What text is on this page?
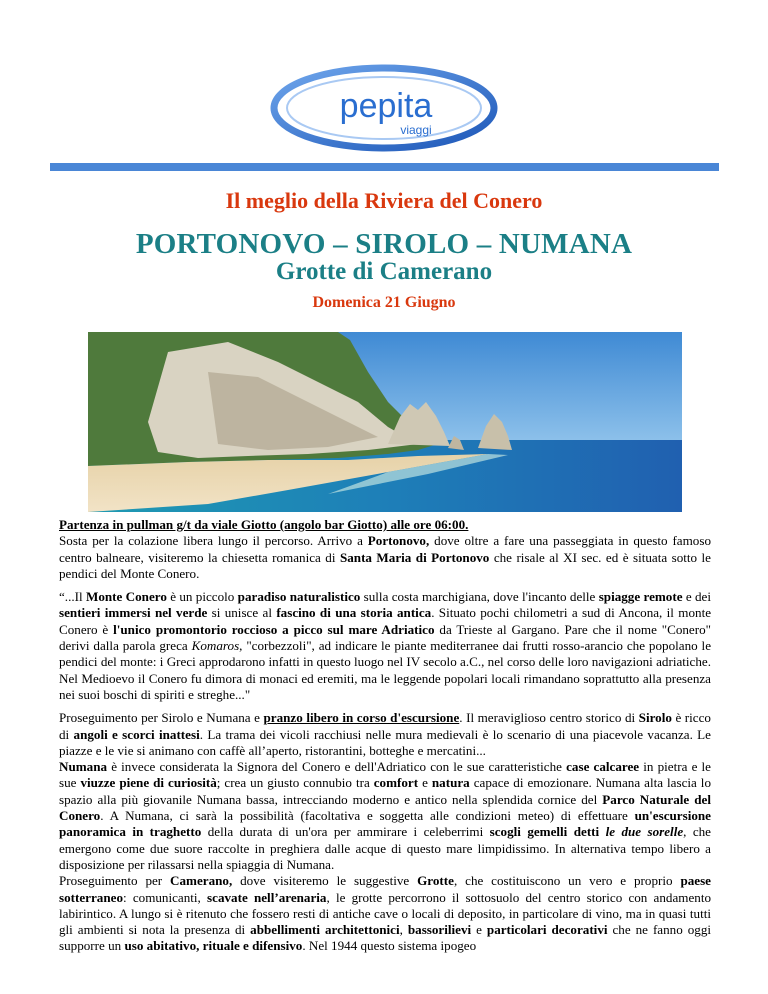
pepita
viaggi
Il meglio della Riviera del Conero
PORTONOVO – SIROLO – NUMANA
Grotte di Camerano
Domenica 21 Giugno

Partenza in pullman g/t da viale Giotto (angolo bar Giotto) alle ore 06:00.

Sosta per la colazione libera lungo il percorso. Arrivo a Portonovo, dove oltre a fare una passeggiata in questo famoso centro balneare, visiteremo la chiesetta romanica di Santa Maria di Portonovo che risale al XI sec. ed è situata sotto le pendici del Monte Conero.

“...Il Monte Conero è un piccolo paradiso naturalistico sulla costa marchigiana, dove l'incanto delle spiagge remote e dei sentieri immersi nel verde si unisce al fascino di una storia antica. Situato pochi chilometri a sud di Ancona, il monte Conero è l'unico promontorio roccioso a picco sul mare Adriatico da Trieste al Gargano. Pare che il nome "Conero" derivi dalla parola greca Komaros, "corbezzoli", ad indicare le piante mediterranee dai frutti rosso-arancio che popolano le pendici del monte: i Greci approdarono infatti in questo luogo nel IV secolo a.C., nel corso delle loro navigazioni adriatiche. Nel Medioevo il Conero fu dimora di monaci ed eremiti, ma le leggende popolari locali rimandano soprattutto alla presenza nei suoi boschi di spiriti e streghe..."

Proseguimento per Sirolo e Numana e pranzo libero in corso d'escursione. Il meraviglioso centro storico di Sirolo è ricco di angoli e scorci inattesi. La trama dei vicoli racchiusi nelle mura medievali è lo scenario di una piacevole vacanza. Le piazze e le vie si animano con caffè all’aperto, ristorantini, botteghe e mercatini...

Numana è invece considerata la Signora del Conero e dell'Adriatico con le sue caratteristiche case calcaree in pietra e le sue viuzze piene di curiosità; crea un giusto connubio tra comfort e natura capace di emozionare. Numana alta lascia lo spazio alla più giovanile Numana bassa, intrecciando moderno e antico nella splendida cornice del Parco Naturale del Conero. A Numana, ci sarà la possibilità (facoltativa e soggetta alle condizioni meteo) di effettuare un'escursione panoramica in traghetto della durata di un'ora per ammirare i celeberrimi scogli gemelli detti le due sorelle, che emergono come due suore raccolte in preghiera dalle acque di questo mare limpidissimo. In alternativa tempo libero a disposizione per rilassarsi nella spiaggia di Numana.

Proseguimento per Camerano, dove visiteremo le suggestive Grotte, che costituiscono un vero e proprio paese sotterraneo: comunicanti, scavate nell’arenaria, le grotte percorrono il sottosuolo del centro storico con andamento labirintico. A lungo si è ritenuto che fossero resti di antiche cave o locali di deposito, in particolare di vino, ma in quasi tutti gli ambienti si nota la presenza di abbellimenti architettonici, bassorilievi e particolari decorativi che ne fanno oggi supporre un uso abitativo, rituale e difensivo. Nel 1944 questo sistema ipogeo
